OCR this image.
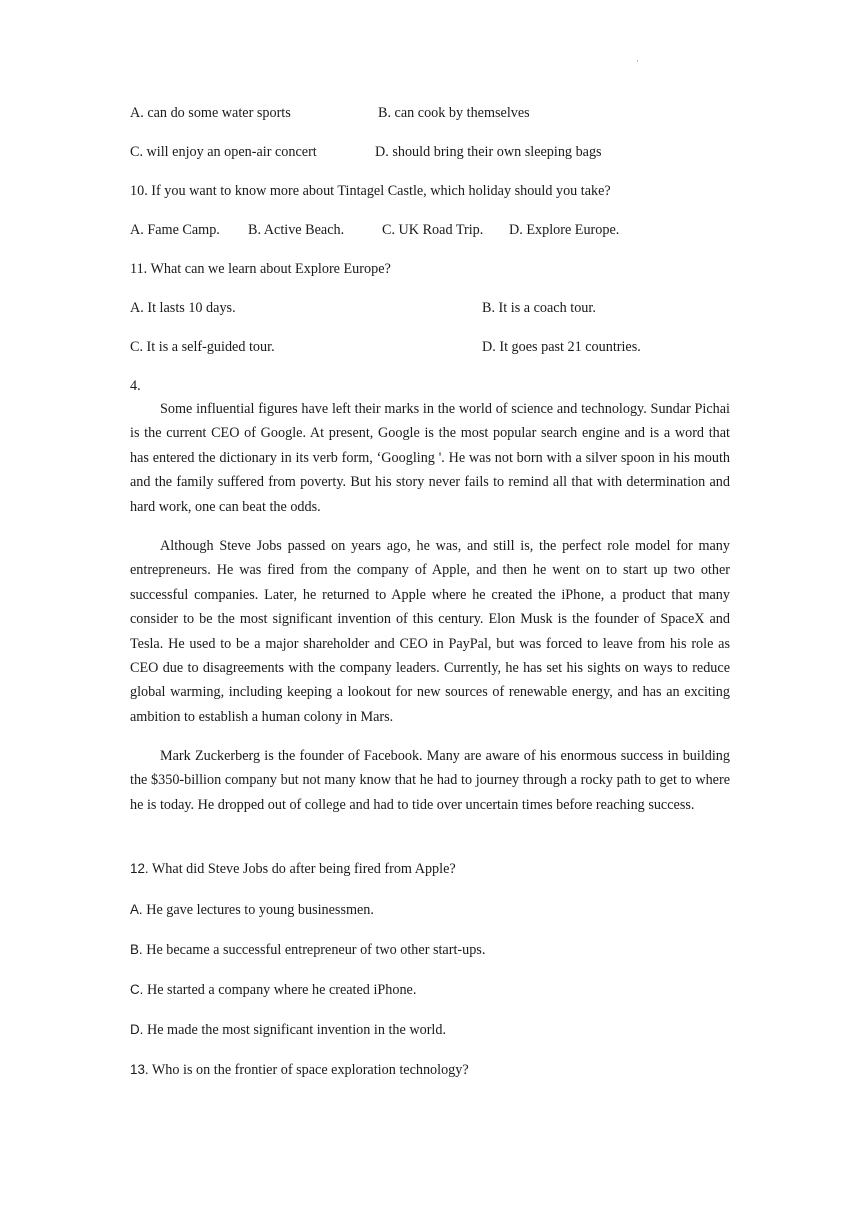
·
A. can do some water sports	B. can cook by themselves
C. will enjoy an open-air concert	D. should bring their own sleeping bags
10. If you want to know more about Tintagel Castle, which holiday should you take?
A. Fame Camp. B. Active Beach.	C. UK Road Trip. D. Explore Europe.
11. What can we learn about Explore Europe?
A. It lasts 10 days.	B. It is a coach tour.
C. It is a self-guided tour.	D. It goes past 21 countries.
4.
Some influential figures have left their marks in the world of science and technology. Sundar Pichai is the current CEO of Google. At present, Google is the most popular search engine and is a word that has entered the dictionary in its verb form, ‘Googling '. He was not born with a silver spoon in his mouth and the family suffered from poverty. But his story never fails to remind all that with determination and hard work, one can beat the odds.
Although Steve Jobs passed on years ago, he was, and still is, the perfect role model for many entrepreneurs. He was fired from the company of Apple, and then he went on to start up two other successful companies. Later, he returned to Apple where he created the iPhone, a product that many consider to be the most significant invention of this century. Elon Musk is the founder of SpaceX and Tesla. He used to be a major shareholder and CEO in PayPal, but was forced to leave from his role as CEO due to disagreements with the company leaders. Currently, he has set his sights on ways to reduce global warming, including keeping a lookout for new sources of renewable energy, and has an exciting ambition to establish a human colony in Mars.
Mark Zuckerberg is the founder of Facebook. Many are aware of his enormous success in building the $350-billion company but not many know that he had to journey through a rocky path to get to where he is today. He dropped out of college and had to tide over uncertain times before reaching success.
12. What did Steve Jobs do after being fired from Apple?
A. He gave lectures to young businessmen.
B. He became a successful entrepreneur of two other start-ups.
C. He started a company where he created iPhone.
D. He made the most significant invention in the world.
13. Who is on the frontier of space exploration technology?
